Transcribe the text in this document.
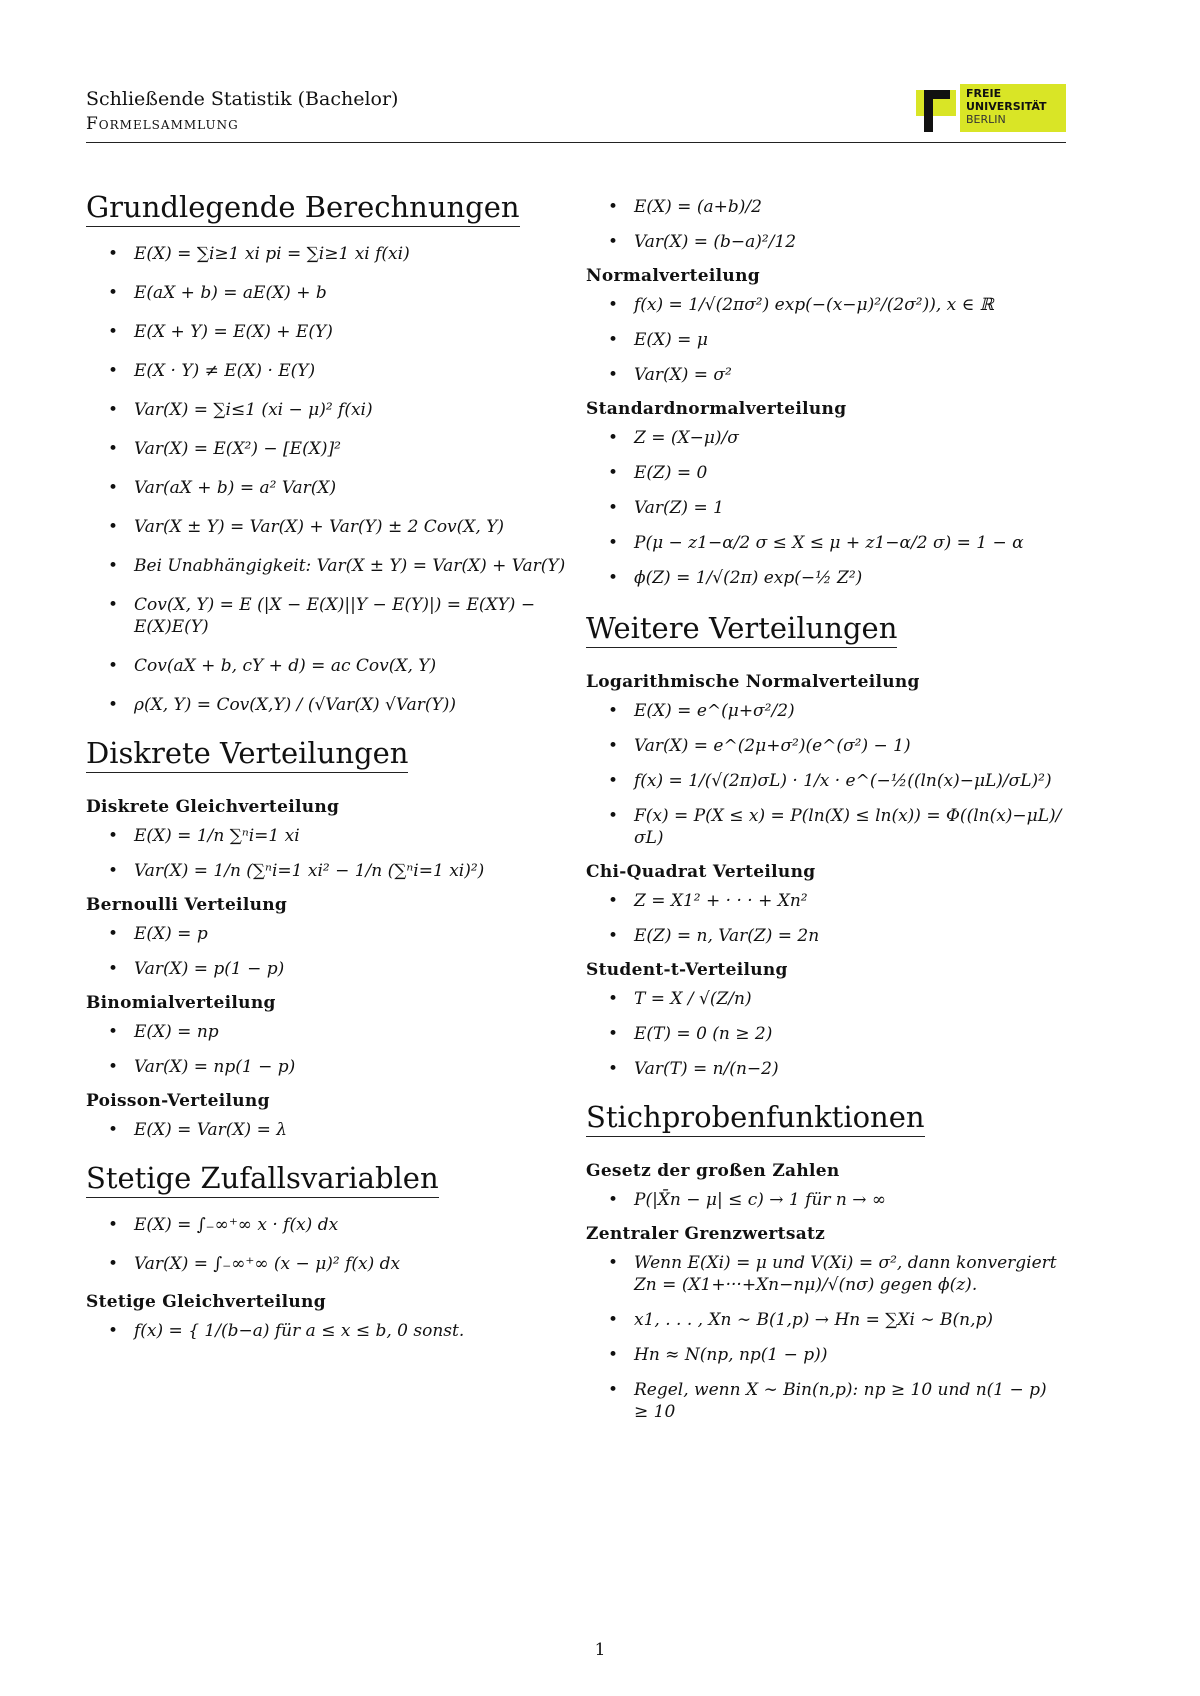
Schließende Statistik (Bachelor)
Formelsammlung
FREIE
UNIVERSITÄT
BERLIN
Grundlegende Berechnungen
• E(X) = ∑i≥1 xi pi = ∑i≥1 xi f(xi)
• E(aX + b) = aE(X) + b
• E(X + Y) = E(X) + E(Y)
• E(X · Y) ≠ E(X) · E(Y)
• Var(X) = ∑i≤1 (xi − μ)² f(xi)
• Var(X) = E(X²) − [E(X)]²
• Var(aX + b) = a² Var(X)
• Var(X ± Y) = Var(X) + Var(Y) ± 2 Cov(X, Y)
• Bei Unabhängigkeit: Var(X ± Y) = Var(X) + Var(Y)
• Cov(X, Y) = E (|X − E(X)||Y − E(Y)|) = E(XY) − E(X)E(Y)
• Cov(aX + b, cY + d) = ac Cov(X, Y)
• ρ(X, Y) = Cov(X,Y) / (√Var(X) √Var(Y))
Diskrete Verteilungen
Diskrete Gleichverteilung
• E(X) = 1/n ∑ⁿi=1 xi
• Var(X) = 1/n (∑ⁿi=1 xi² − 1/n (∑ⁿi=1 xi)²)
Bernoulli Verteilung
• E(X) = p
• Var(X) = p(1 − p)
Binomialverteilung
• E(X) = np
• Var(X) = np(1 − p)
Poisson-Verteilung
• E(X) = Var(X) = λ
Stetige Zufallsvariablen
• E(X) = ∫₋∞⁺∞ x · f(x) dx
• Var(X) = ∫₋∞⁺∞ (x − μ)² f(x) dx
Stetige Gleichverteilung
• f(x) = { 1/(b−a) für a ≤ x ≤ b, 0 sonst.
• E(X) = (a+b)/2
• Var(X) = (b−a)²/12
Normalverteilung
• f(x) = 1/√(2πσ²) exp(−(x−μ)²/(2σ²)), x ∈ ℝ
• E(X) = μ
• Var(X) = σ²
Standardnormalverteilung
• Z = (X−μ)/σ
• E(Z) = 0
• Var(Z) = 1
• P(μ − z1−α/2 σ ≤ X ≤ μ + z1−α/2 σ) = 1 − α
• ϕ(Z) = 1/√(2π) exp(−½ Z²)
Weitere Verteilungen
Logarithmische Normalverteilung
• E(X) = e^(μ+σ²/2)
• Var(X) = e^(2μ+σ²)(e^(σ²) − 1)
• f(x) = 1/(√(2π)σL) · 1/x · e^(−½((ln(x)−μL)/σL)²)
• F(x) = P(X ≤ x) = P(ln(X) ≤ ln(x)) = Φ((ln(x)−μL)/σL)
Chi-Quadrat Verteilung
• Z = X1² + · · · + Xn²
• E(Z) = n, Var(Z) = 2n
Student-t-Verteilung
• T = X / √(Z/n)
• E(T) = 0 (n ≥ 2)
• Var(T) = n/(n−2)
Stichprobenfunktionen
Gesetz der großen Zahlen
• P(|X̄n − μ| ≤ c) → 1 für n → ∞
Zentraler Grenzwertsatz
• Wenn E(Xi) = μ und V(Xi) = σ², dann konvergiert Zn = (X1+···+Xn−nμ)/√(nσ) gegen ϕ(z).
• x1, . . . , Xn ∼ B(1,p) → Hn = ∑Xi ∼ B(n,p)
• Hn ≈ N(np, np(1 − p))
• Regel, wenn X ∼ Bin(n,p): np ≥ 10 und n(1 − p) ≥ 10
1
